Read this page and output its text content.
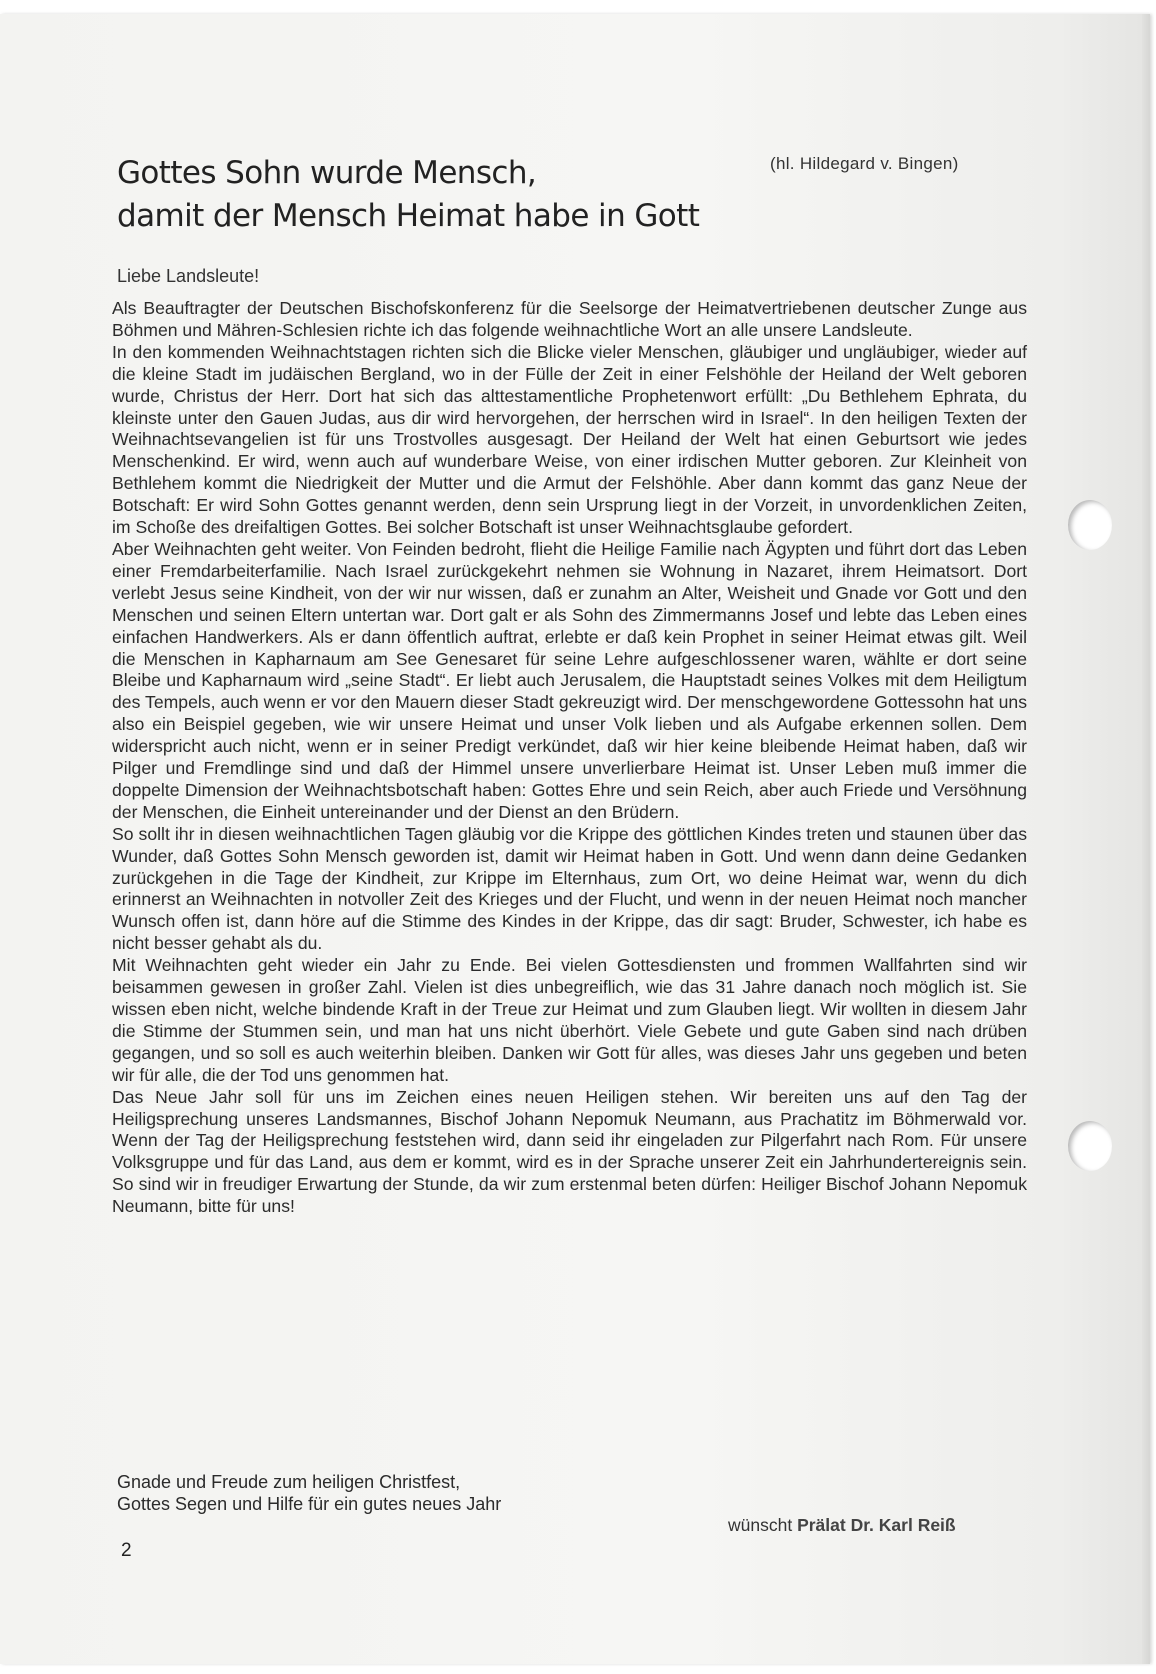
Gottes Sohn wurde Mensch,
damit der Mensch Heimat habe in Gott
(hl. Hildegard v. Bingen)
Liebe Landsleute!

Als Beauftragter der Deutschen Bischofskonferenz für die Seelsorge der Heimatvertriebenen deutscher Zunge aus Böhmen und Mähren-Schlesien richte ich das folgende weihnachtliche Wort an alle unsere Landsleute.

In den kommenden Weihnachtstagen richten sich die Blicke vieler Menschen, gläubiger und ungläubiger, wieder auf die kleine Stadt im judäischen Bergland, wo in der Fülle der Zeit in einer Felshöhle der Heiland der Welt geboren wurde, Christus der Herr. Dort hat sich das alttestamentliche Prophetenwort erfüllt: „Du Bethlehem Ephrata, du kleinste unter den Gauen Judas, aus dir wird hervorgehen, der herrschen wird in Israel“. In den heiligen Texten der Weihnachtsevangelien ist für uns Trostvolles ausgesagt. Der Heiland der Welt hat einen Geburtsort wie jedes Menschenkind. Er wird, wenn auch auf wunderbare Weise, von einer irdischen Mutter geboren. Zur Kleinheit von Bethlehem kommt die Niedrigkeit der Mutter und die Armut der Felshöhle. Aber dann kommt das ganz Neue der Botschaft: Er wird Sohn Gottes genannt werden, denn sein Ursprung liegt in der Vorzeit, in unvordenklichen Zeiten, im Schoße des dreifaltigen Gottes. Bei solcher Botschaft ist unser Weihnachtsglaube gefordert.

Aber Weihnachten geht weiter. Von Feinden bedroht, flieht die Heilige Familie nach Ägypten und führt dort das Leben einer Fremdarbeiterfamilie. Nach Israel zurückgekehrt nehmen sie Wohnung in Nazaret, ihrem Heimatsort. Dort verlebt Jesus seine Kindheit, von der wir nur wissen, daß er zunahm an Alter, Weisheit und Gnade vor Gott und den Menschen und seinen Eltern untertan war. Dort galt er als Sohn des Zimmermanns Josef und lebte das Leben eines einfachen Handwerkers. Als er dann öffentlich auftrat, erlebte er daß kein Prophet in seiner Heimat etwas gilt. Weil die Menschen in Kapharnaum am See Genesaret für seine Lehre aufgeschlossener waren, wählte er dort seine Bleibe und Kapharnaum wird „seine Stadt“. Er liebt auch Jerusalem, die Hauptstadt seines Volkes mit dem Heiligtum des Tempels, auch wenn er vor den Mauern dieser Stadt gekreuzigt wird. Der menschgewordene Gottessohn hat uns also ein Beispiel gegeben, wie wir unsere Heimat und unser Volk lieben und als Aufgabe erkennen sollen. Dem widerspricht auch nicht, wenn er in seiner Predigt verkündet, daß wir hier keine bleibende Heimat haben, daß wir Pilger und Fremdlinge sind und daß der Himmel unsere unverlierbare Heimat ist. Unser Leben muß immer die doppelte Dimension der Weihnachtsbotschaft haben: Gottes Ehre und sein Reich, aber auch Friede und Versöhnung der Menschen, die Einheit untereinander und der Dienst an den Brüdern.

So sollt ihr in diesen weihnachtlichen Tagen gläubig vor die Krippe des göttlichen Kindes treten und staunen über das Wunder, daß Gottes Sohn Mensch geworden ist, damit wir Heimat haben in Gott. Und wenn dann deine Gedanken zurückgehen in die Tage der Kindheit, zur Krippe im Elternhaus, zum Ort, wo deine Heimat war, wenn du dich erinnerst an Weihnachten in notvoller Zeit des Krieges und der Flucht, und wenn in der neuen Heimat noch mancher Wunsch offen ist, dann höre auf die Stimme des Kindes in der Krippe, das dir sagt: Bruder, Schwester, ich habe es nicht besser gehabt als du.

Mit Weihnachten geht wieder ein Jahr zu Ende. Bei vielen Gottesdiensten und frommen Wallfahrten sind wir beisammen gewesen in großer Zahl. Vielen ist dies unbegreiflich, wie das 31 Jahre danach noch möglich ist. Sie wissen eben nicht, welche bindende Kraft in der Treue zur Heimat und zum Glauben liegt. Wir wollten in diesem Jahr die Stimme der Stummen sein, und man hat uns nicht überhört. Viele Gebete und gute Gaben sind nach drüben gegangen, und so soll es auch weiterhin bleiben. Danken wir Gott für alles, was dieses Jahr uns gegeben und beten wir für alle, die der Tod uns genommen hat.

Das Neue Jahr soll für uns im Zeichen eines neuen Heiligen stehen. Wir bereiten uns auf den Tag der Heiligsprechung unseres Landsmannes, Bischof Johann Nepomuk Neumann, aus Prachatitz im Böhmerwald vor. Wenn der Tag der Heiligsprechung feststehen wird, dann seid ihr eingeladen zur Pilgerfahrt nach Rom. Für unsere Volksgruppe und für das Land, aus dem er kommt, wird es in der Sprache unserer Zeit ein Jahrhundertereignis sein. So sind wir in freudiger Erwartung der Stunde, da wir zum erstenmal beten dürfen: Heiliger Bischof Johann Nepomuk Neumann, bitte für uns!

Gnade und Freude zum heiligen Christfest,
Gottes Segen und Hilfe für ein gutes neues Jahr
wünscht Prälat Dr. Karl Reiß
2
